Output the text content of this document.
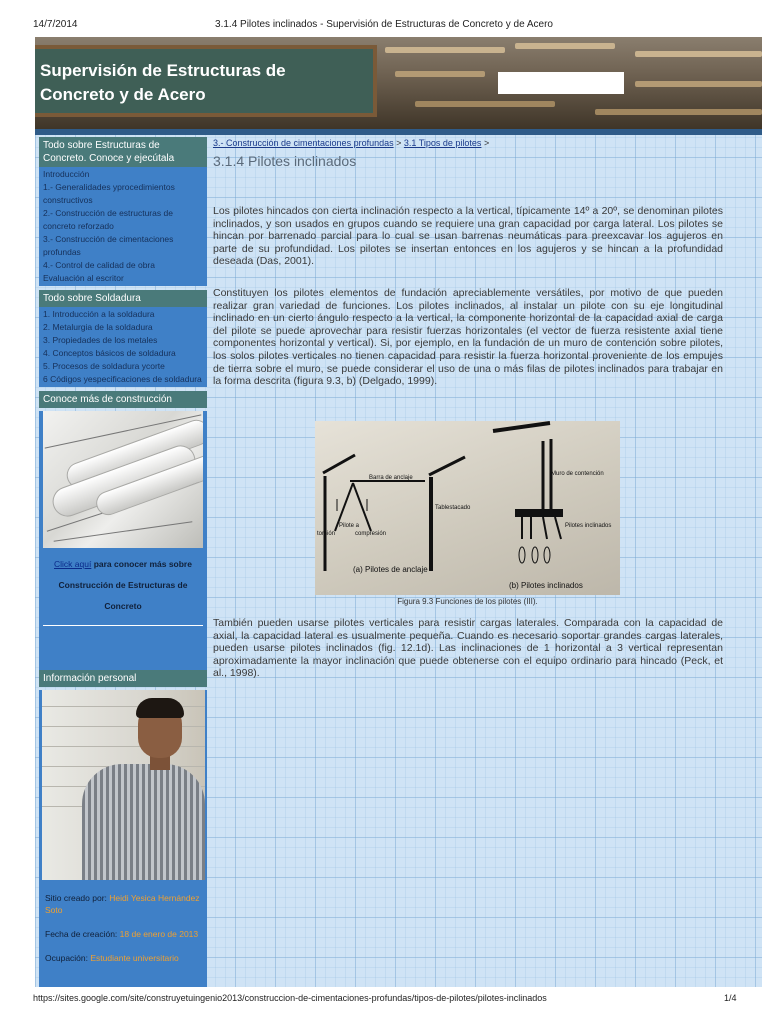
14/7/2014	3.1.4 Pilotes inclinados - Supervisión de Estructuras de Concreto y de Acero
Supervisión de Estructuras de
Concreto y de Acero
Todo sobre Estructuras de Concreto. Conoce y ejecútala
Introducción
1.- Generalidades yprocedimientos constructivos
2.- Construcción de estructuras de concreto reforzado
3.- Construcción de cimentaciones profundas
4.- Control de calidad de obra
Evaluación al escritor
Todo sobre Soldadura
1. Introducción a la soldadura
2. Metalurgia de la soldadura
3. Propiedades de los metales
4. Conceptos básicos de soldadura
5. Procesos de soldadura ycorte
6 Códigos yespecificaciones de soldadura
Conoce más de construcción
Click aquí para conocer más sobre
Construcción de Estructuras de
Concreto
Información personal
Sitio creado por: Heidi Yesica Hernández Soto
Fecha de creación: 18 de enero de 2013
Ocupación: Estudiante universitario
3.- Construcción de cimentaciones profundas > 3.1 Tipos de pilotes >
3.1.4 Pilotes inclinados

Los pilotes hincados con cierta inclinación respecto a la vertical, típicamente 14º a 20º, se denominan pilotes inclinados, y son usados en grupos cuando se requiere una gran capacidad por carga lateral. Los pilotes se hincan por barrenado parcial para lo cual se usan barrenas neumáticas para preexcavar los agujeros en parte de su profundidad. Los pilotes se insertan entonces en los agujeros y se hincan a la profundidad deseada (Das, 2001).

Constituyen los pilotes elementos de fundación apreciablemente versátiles, por motivo de que pueden realizar gran variedad de funciones. Los pilotes inclinados, al instalar un pilote con su eje longitudinal inclinado en un cierto ángulo respecto a la vertical, la componente horizontal de la capacidad axial de carga del pilote se puede aprovechar para resistir fuerzas horizontales (el vector de fuerza resistente axial tiene componentes horizontal y vertical). Si, por ejemplo, en la fundación de un muro de contención sobre pilotes, los solos pilotes verticales no tienen capacidad para resistir la fuerza horizontal proveniente de los empujes de tierra sobre el muro, se puede considerar el uso de una o más filas de pilotes inclinados para trabajar en la forma descrita (figura 9.3, b) (Delgado, 1999).

Barra de anclaje
Tablestacado
Muro de contención
Pilote a
torsión	compresión
Pilotes inclinados
(a) Pilotes de anclaje
(b) Pilotes inclinados
Figura 9.3 Funciones de los pilotes (III).

También pueden usarse pilotes verticales para resistir cargas laterales. Comparada con la capacidad de axial, la capacidad lateral es usualmente pequeña. Cuando es necesario soportar grandes cargas laterales, pueden usarse pilotes inclinados (fig. 12.1d). Las inclinaciones de 1 horizontal a 3 vertical representan aproximadamente la mayor inclinación que puede obtenerse con el equipo ordinario para hincado (Peck, et al., 1998).

https://sites.google.com/site/construyetuingenio2013/construccion-de-cimentaciones-profundas/tipos-de-pilotes/pilotes-inclinados	1/4
